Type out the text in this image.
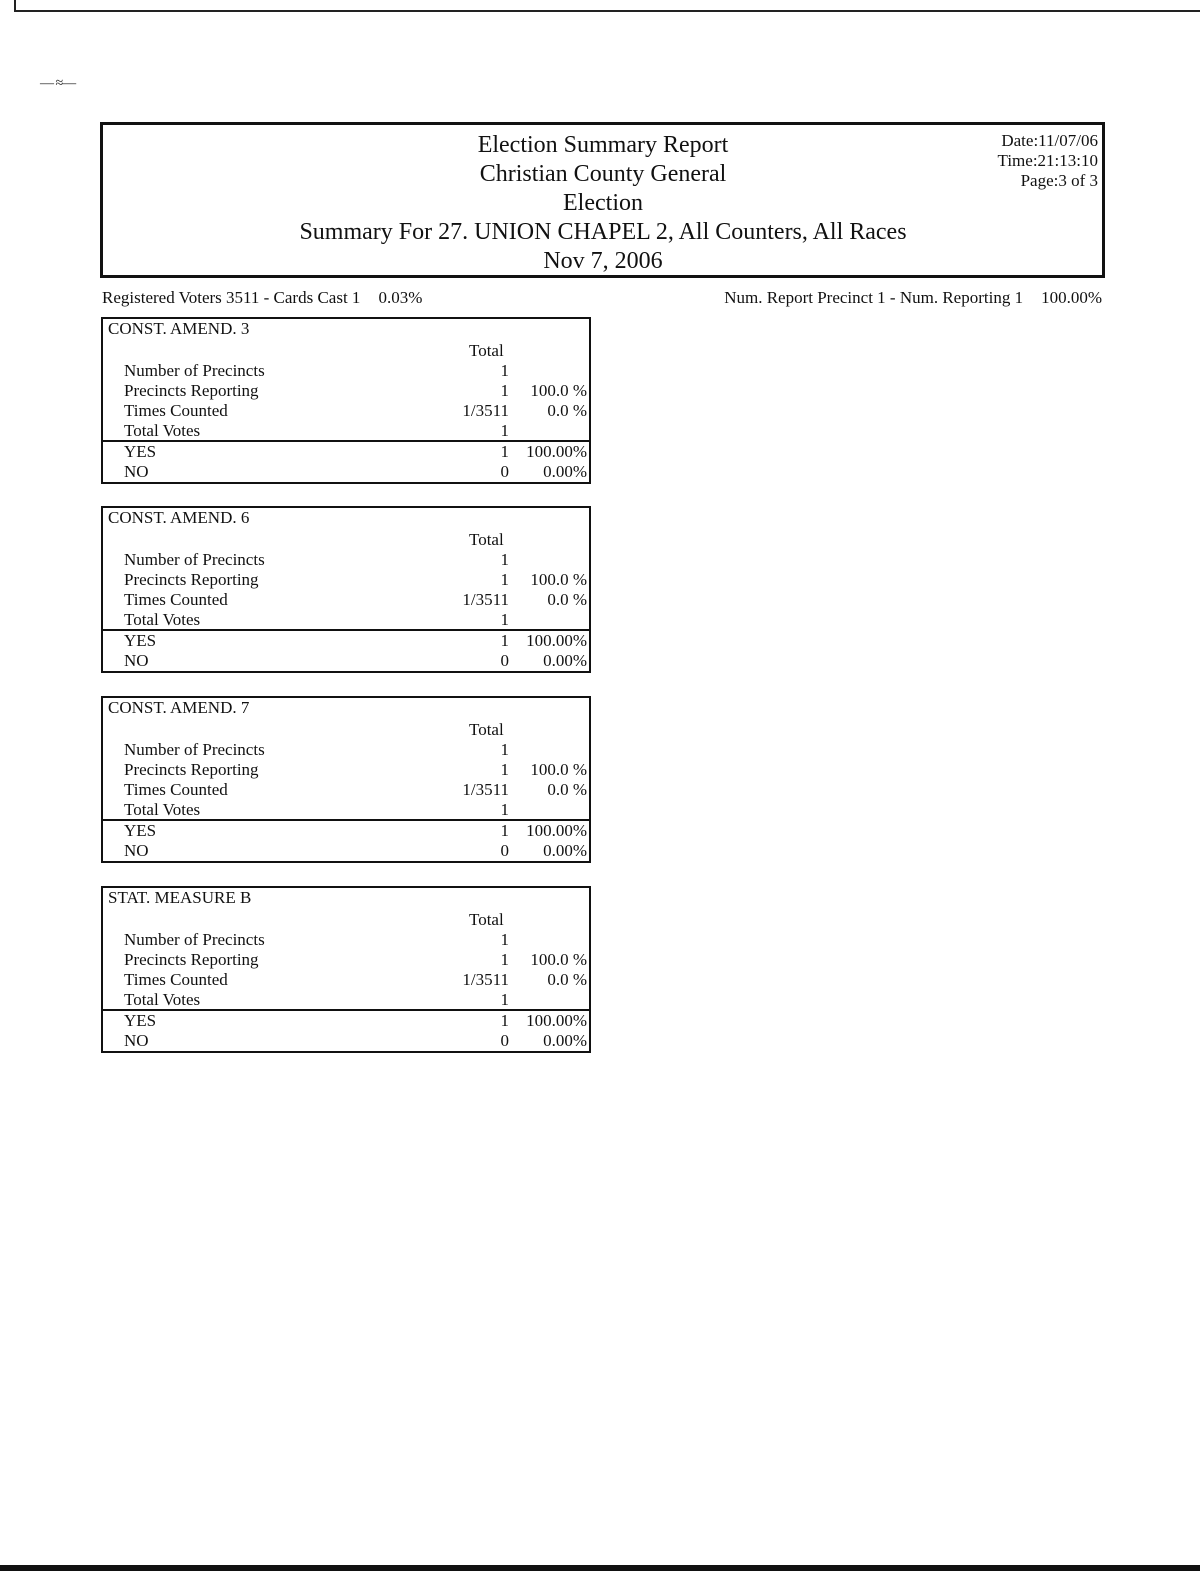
— ≈—
Election Summary Report
Christian County General
Election
Summary For 27. UNION CHAPEL 2, All Counters, All Races
Nov 7, 2006
Date:11/07/06
Time:21:13:10
Page:3 of 3
Registered Voters 3511 - Cards Cast 1 0.03%	Num. Report Precinct 1 - Num. Reporting 1 100.00%
CONST. AMEND. 3
Total
Number of Precincts	1
Precincts Reporting	1 100.0 %
Times Counted	1/3511 0.0 %
Total Votes	1
YES	1 100.00%
NO	0 0.00%
CONST. AMEND. 6
Total
Number of Precincts	1
Precincts Reporting	1 100.0 %
Times Counted	1/3511 0.0 %
Total Votes	1
YES	1 100.00%
NO	0 0.00%
CONST. AMEND. 7
Total
Number of Precincts	1
Precincts Reporting	1 100.0 %
Times Counted	1/3511 0.0 %
Total Votes	1
YES	1 100.00%
NO	0 0.00%
STAT. MEASURE B
Total
Number of Precincts	1
Precincts Reporting	1 100.0 %
Times Counted	1/3511 0.0 %
Total Votes	1
YES	1 100.00%
NO	0 0.00%
